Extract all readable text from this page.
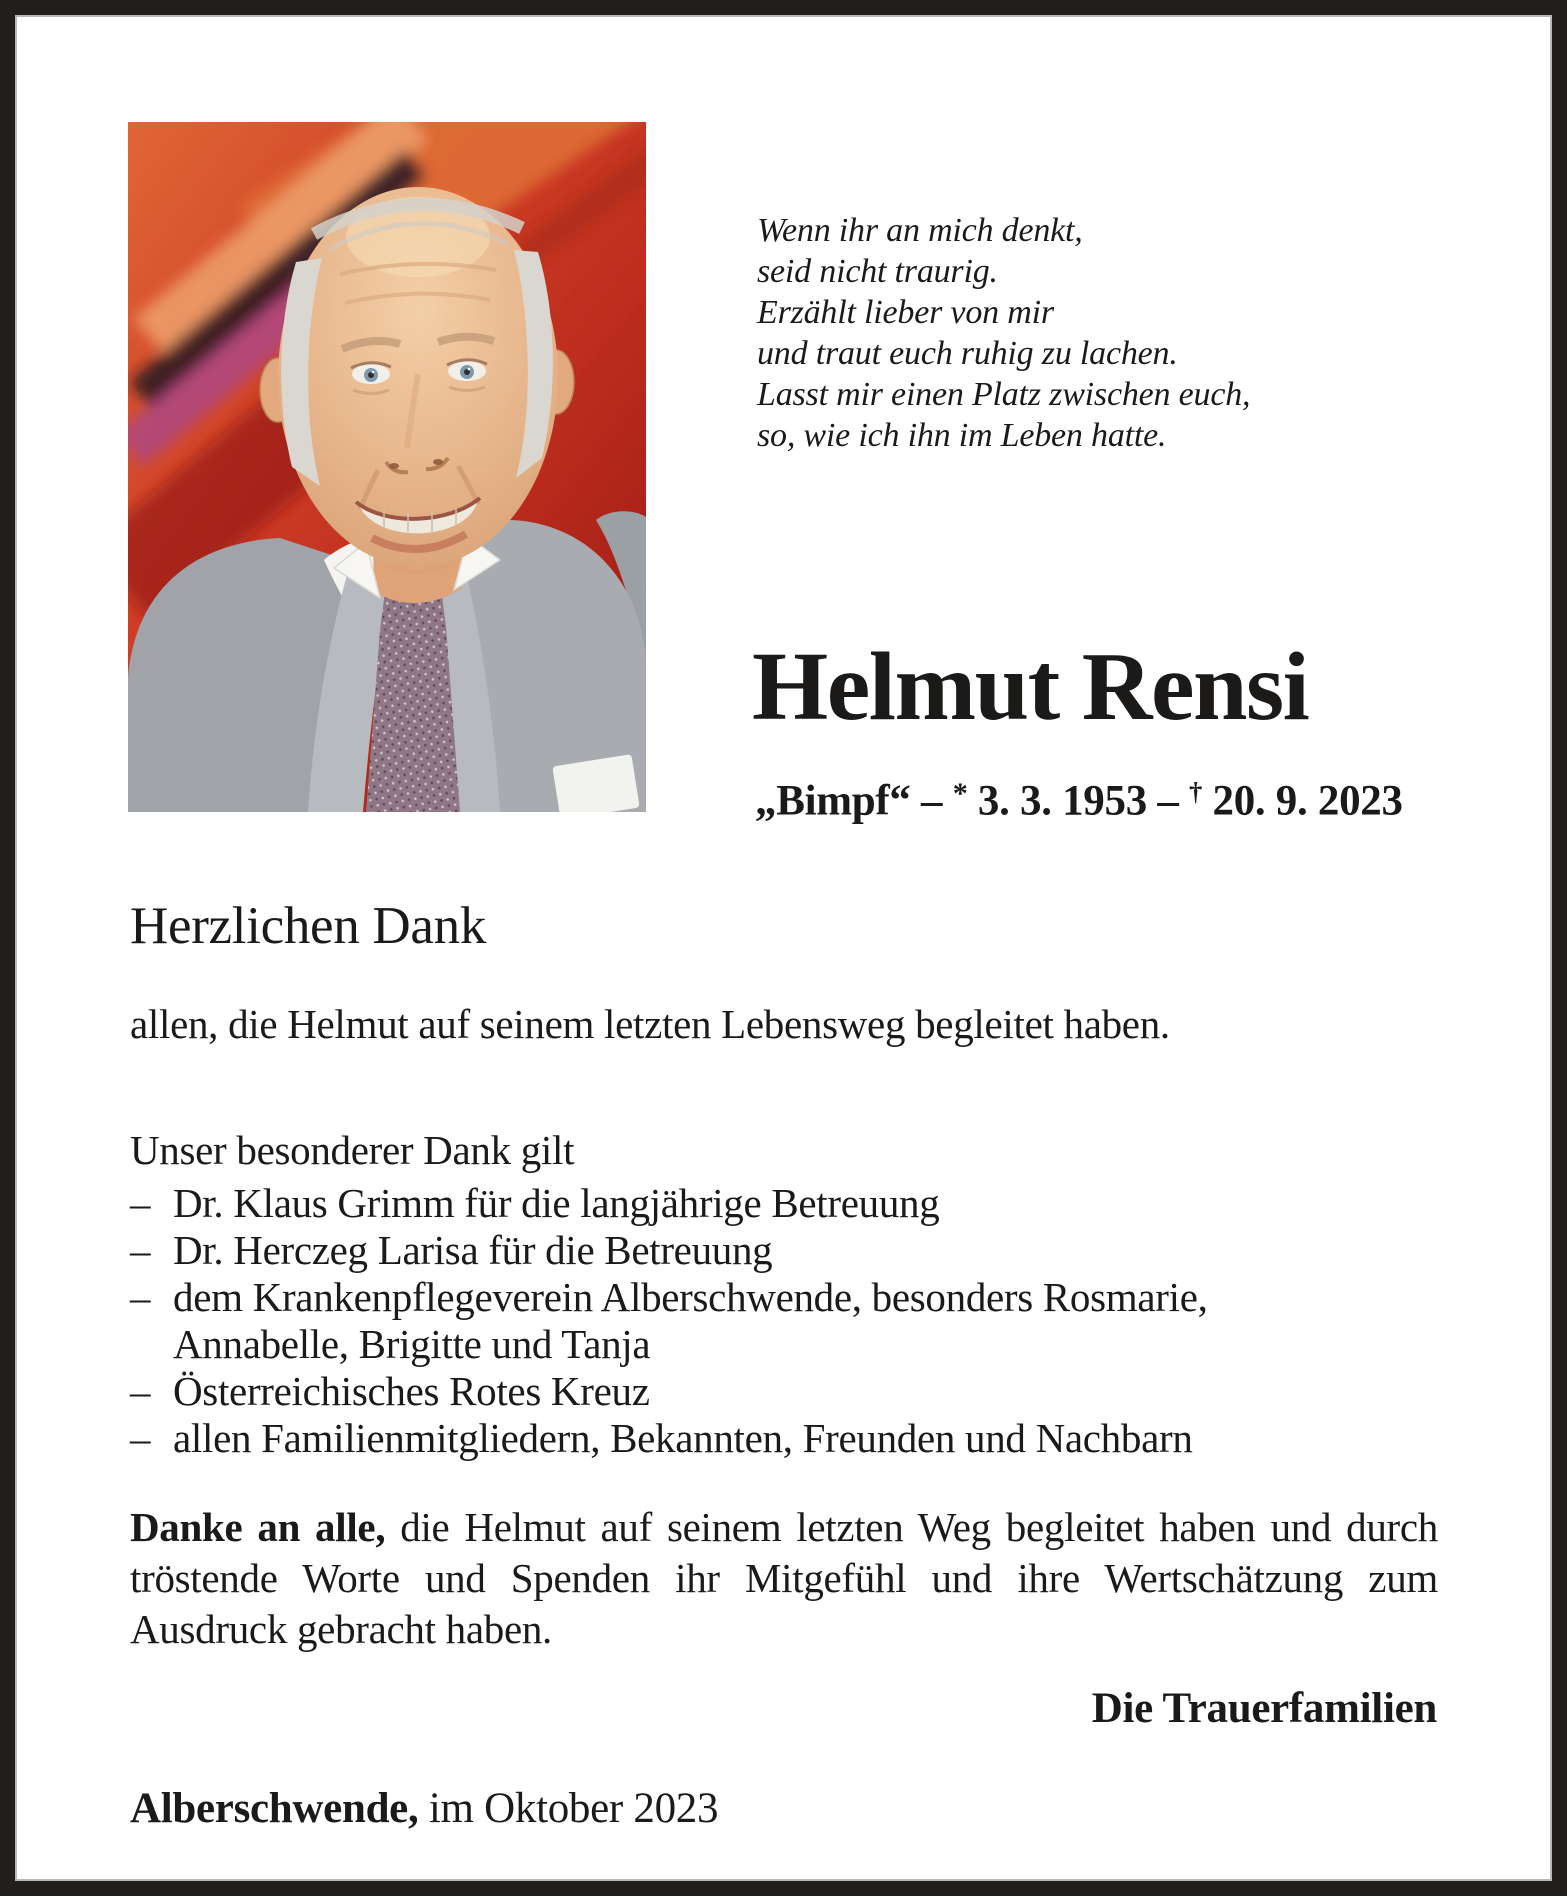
Wenn ihr an mich denkt,
seid nicht traurig.
Erzählt lieber von mir
und traut euch ruhig zu lachen.
Lasst mir einen Platz zwischen euch,
so, wie ich ihn im Leben hatte.
Helmut Rensi
„Bimpf“ – * 3. 3. 1953 – † 20. 9. 2023
Herzlichen Dank
allen, die Helmut auf seinem letzten Lebensweg begleitet haben.
Unser besonderer Dank gilt
– Dr. Klaus Grimm für die langjährige Betreuung
– Dr. Herczeg Larisa für die Betreuung
– dem Krankenpflegeverein Alberschwende, besonders Rosmarie, Annabelle, Brigitte und Tanja
– Österreichisches Rotes Kreuz
– allen Familienmitgliedern, Bekannten, Freunden und Nachbarn
Danke an alle, die Helmut auf seinem letzten Weg begleitet haben und durch tröstende Worte und Spenden ihr Mitgefühl und ihre Wertschätzung zum Ausdruck gebracht haben.
Die Trauerfamilien
Alberschwende, im Oktober 2023
